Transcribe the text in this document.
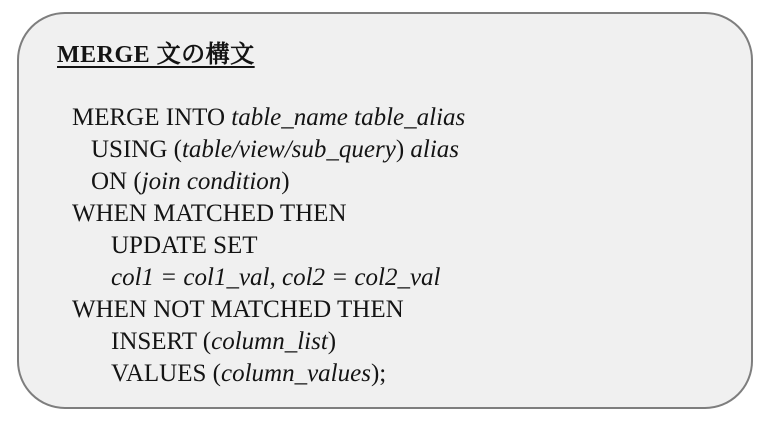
MERGE 文の構文
MERGE INTO table_name table_alias
USING (table/view/sub_query) alias
ON (join condition)
WHEN MATCHED THEN
UPDATE SET
col1 = col1_val, col2 = col2_val
WHEN NOT MATCHED THEN
INSERT (column_list)
VALUES (column_values);
